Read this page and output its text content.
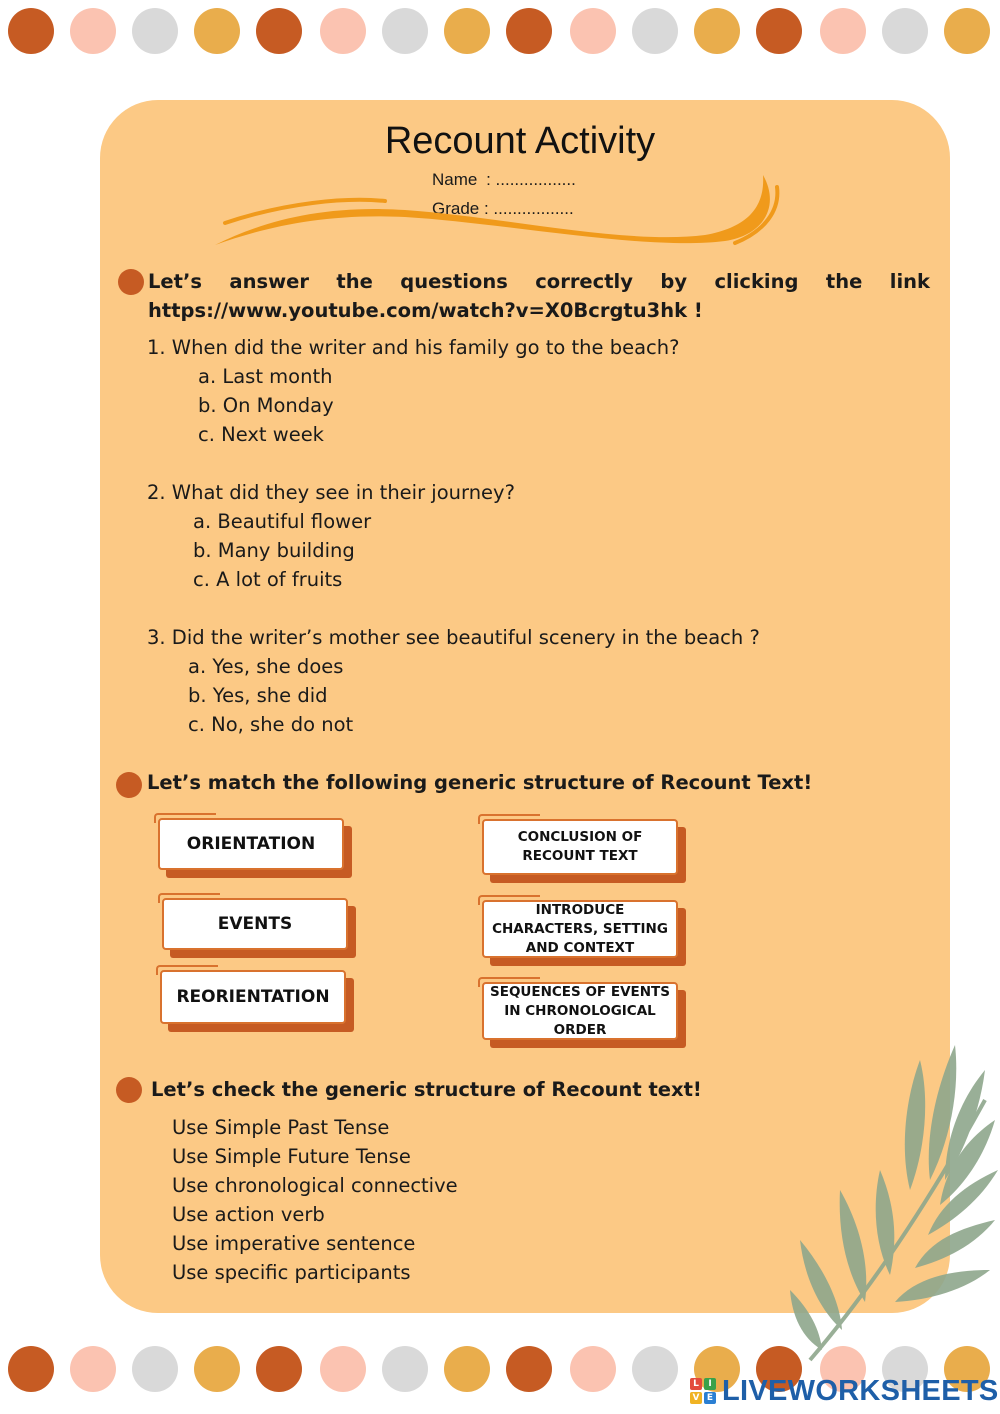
Recount Activity
Name : .................
Grade : .................
Let’s answer the questions correctly by clicking the link
https://www.youtube.com/watch?v=X0Bcrgtu3hk !
1. When did the writer and his family go to the beach?
a. Last month
b. On Monday
c. Next week
2. What did they see in their journey?
a. Beautiful flower
b. Many building
c. A lot of fruits
3. Did the writer’s mother see beautiful scenery in the beach ?
a. Yes, she does
b. Yes, she did
c. No, she do not
Let’s match the following generic structure of Recount Text!
ORIENTATION
EVENTS
REORIENTATION
CONCLUSION OF RECOUNT TEXT
INTRODUCE CHARACTERS, SETTING AND CONTEXT
SEQUENCES OF EVENTS IN CHRONOLOGICAL ORDER
Let’s check the generic structure of Recount text!
Use Simple Past Tense
Use Simple Future Tense
Use chronological connective
Use action verb
Use imperative sentence
Use specific participants
L	I
V E LIVEWORKSHEETS
